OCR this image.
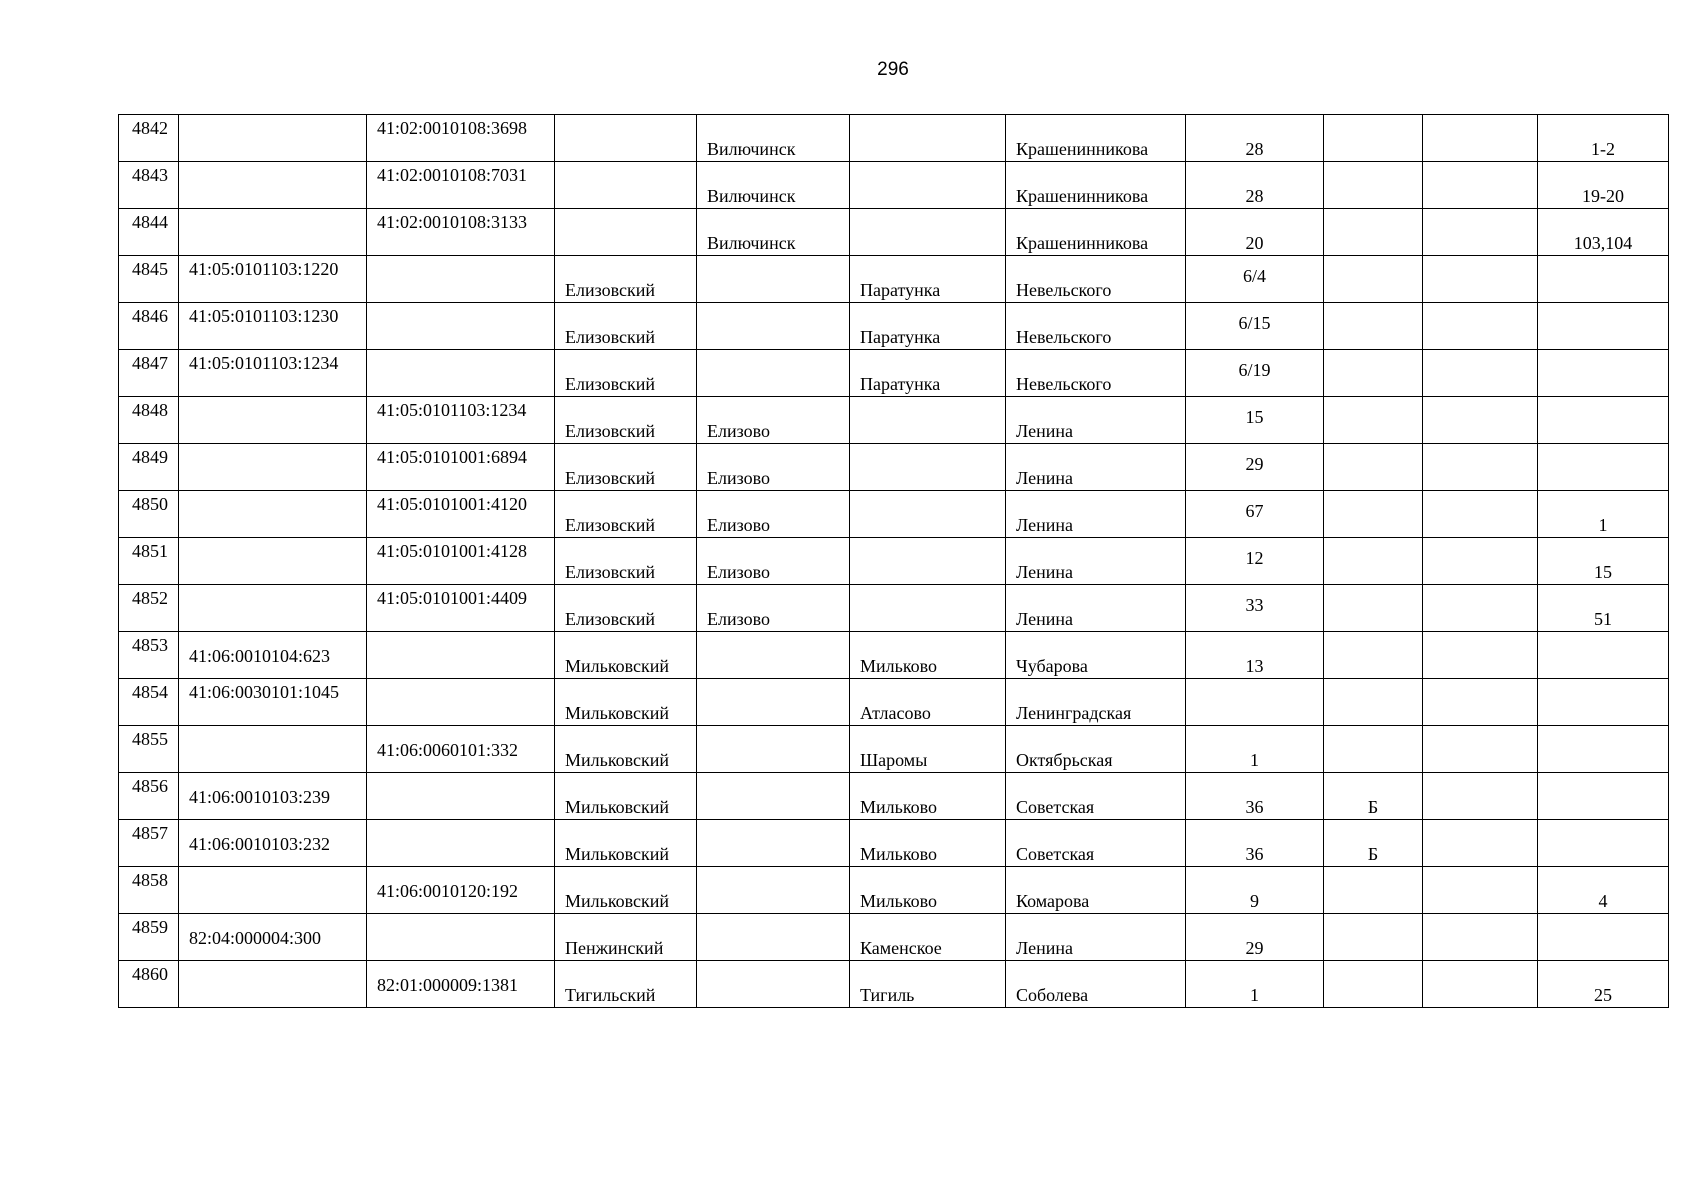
296
4842		41:02:0010108:3698		Вилючинск		Крашенинникова	28			1-2

4843		41:02:0010108:7031		Вилючинск		Крашенинникова	28			19-20

4844		41:02:0010108:3133		Вилючинск		Крашенинникова	20			103,104

4845	41:05:0101103:1220		Елизовский		Паратунка	Невельского	6/4			

4846	41:05:0101103:1230		Елизовский		Паратунка	Невельского	6/15			

4847	41:05:0101103:1234		Елизовский		Паратунка	Невельского	6/19			

4848		41:05:0101103:1234	Елизовский	Елизово		Ленина	15			

4849		41:05:0101001:6894	Елизовский	Елизово		Ленина	29			

4850		41:05:0101001:4120	Елизовский	Елизово		Ленина	67			1

4851		41:05:0101001:4128	Елизовский	Елизово		Ленина	12			15

4852		41:05:0101001:4409	Елизовский	Елизово		Ленина	33			51

4853	41:06:0010104:623		Мильковский		Мильково	Чубарова	13			

4854	41:06:0030101:1045		Мильковский		Атласово	Ленинградская				

4855		41:06:0060101:332	Мильковский		Шаромы	Октябрьская	1			

4856	41:06:0010103:239		Мильковский		Мильково	Советская	36	Б		

4857	41:06:0010103:232		Мильковский		Мильково	Советская	36	Б		

4858		41:06:0010120:192	Мильковский		Мильково	Комарова	9			4

4859	82:04:000004:300		Пенжинский		Каменское	Ленина	29			

4860		82:01:000009:1381	Тигильский		Тигиль	Соболева	1			25
